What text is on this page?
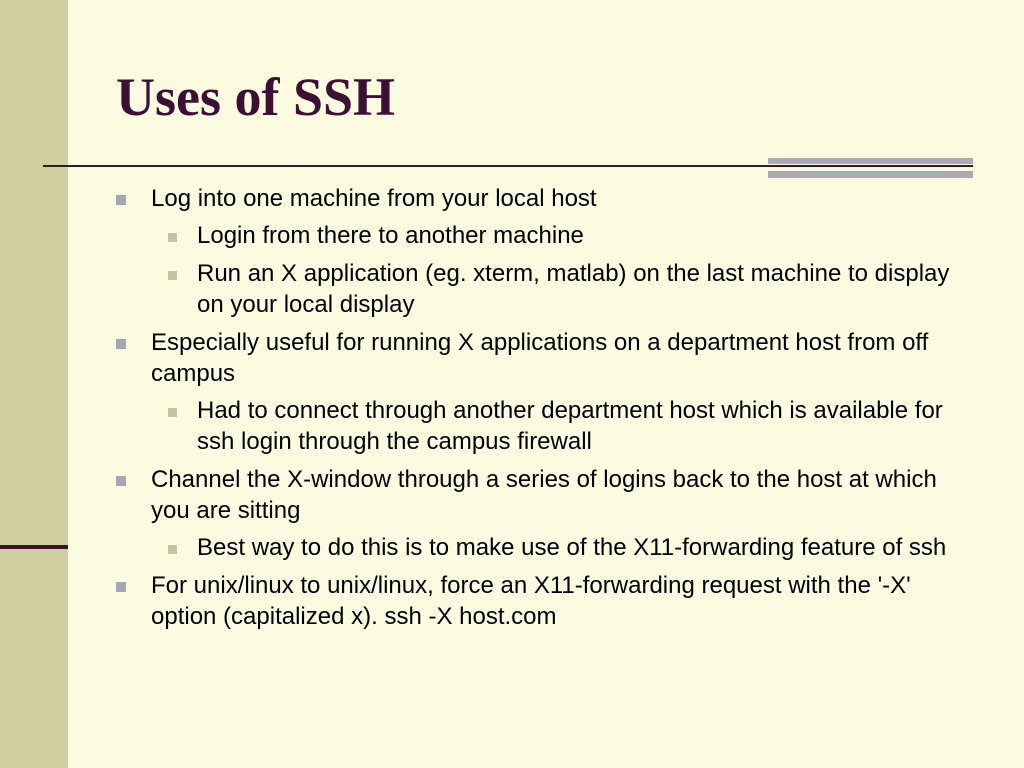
Uses of SSH
Log into one machine from your local host
Login from there to another machine
Run an X application (eg. xterm, matlab) on the last machine to display on your local display
Especially useful for running X applications on a department host from off campus
Had to connect through another department host which is available for ssh login through the campus firewall
Channel the X-window through a series of logins back to the host at which you are sitting
Best way to do this is to make use of the X11-forwarding feature of ssh
For unix/linux to unix/linux, force an X11-forwarding request with the '-X' option (capitalized x). ssh -X host.com
